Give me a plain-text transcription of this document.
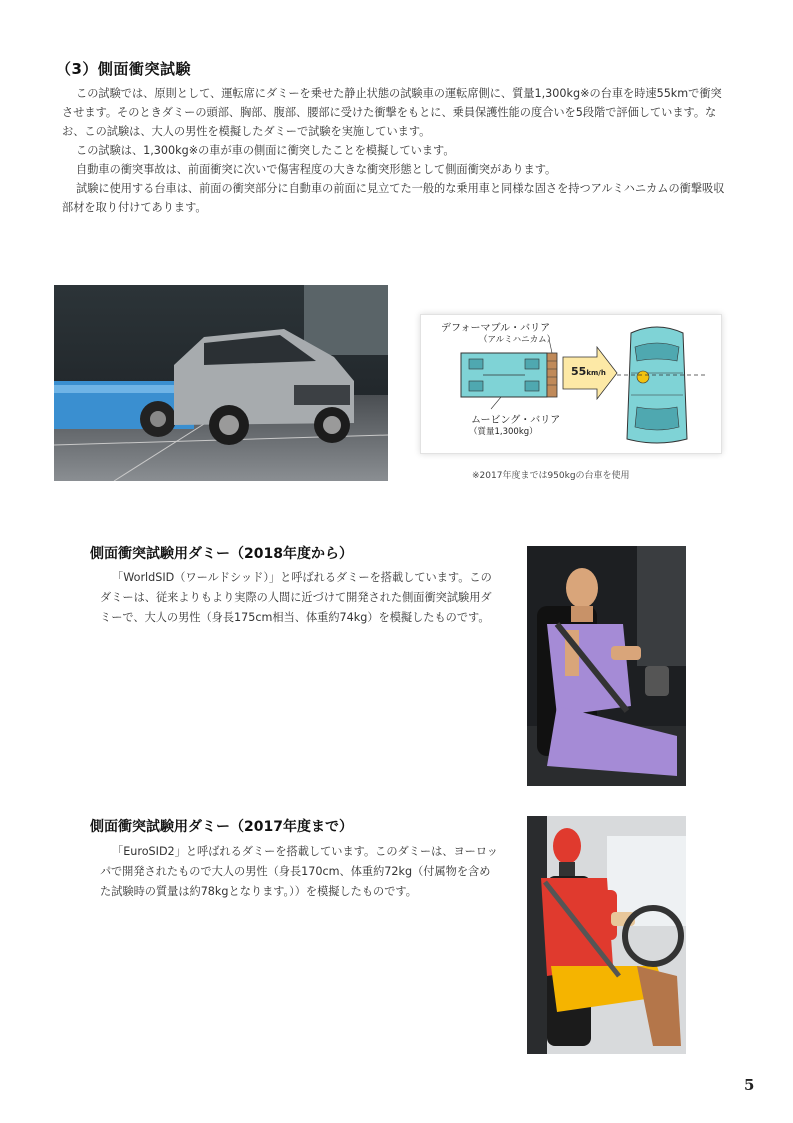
（3）側面衝突試験

この試験では、原則として、運転席にダミーを乗せた静止状態の試験車の運転席側に、質量1,300kg※の台車を時速55kmで衝突させます。そのときダミーの頭部、胸部、腹部、腰部に受けた衝撃をもとに、乗員保護性能の度合いを5段階で評価しています。なお、この試験は、大人の男性を模擬したダミーで試験を実施しています。

この試験は、1,300kg※の車が車の側面に衝突したことを模擬しています。

自動車の衝突事故は、前面衝突に次いで傷害程度の大きな衝突形態として側面衝突があります。

試験に使用する台車は、前面の衝突部分に自動車の前面に見立てた一般的な乗用車と同様な固さを持つアルミハニカムの衝撃吸収部材を取り付けてあります。

デフォーマブル・バリア
（アルミハニカム）
55km/h
ムービング・バリア
（質量1,300kg）
※2017年度までは950kgの台車を使用
側面衝突試験用ダミー（2018年度から）

「WorldSID（ワールドシッド）」と呼ばれるダミーを搭載しています。このダミーは、従来よりもより実際の人間に近づけて開発された側面衝突試験用ダミーで、大人の男性（身長175cm相当、体重約74kg）を模擬したものです。

側面衝突試験用ダミー（2017年度まで）

「EuroSID2」と呼ばれるダミーを搭載しています。このダミーは、ヨーロッパで開発されたもので大人の男性（身長170cm、体重約72kg（付属物を含めた試験時の質量は約78kgとなります。））を模擬したものです。

5
